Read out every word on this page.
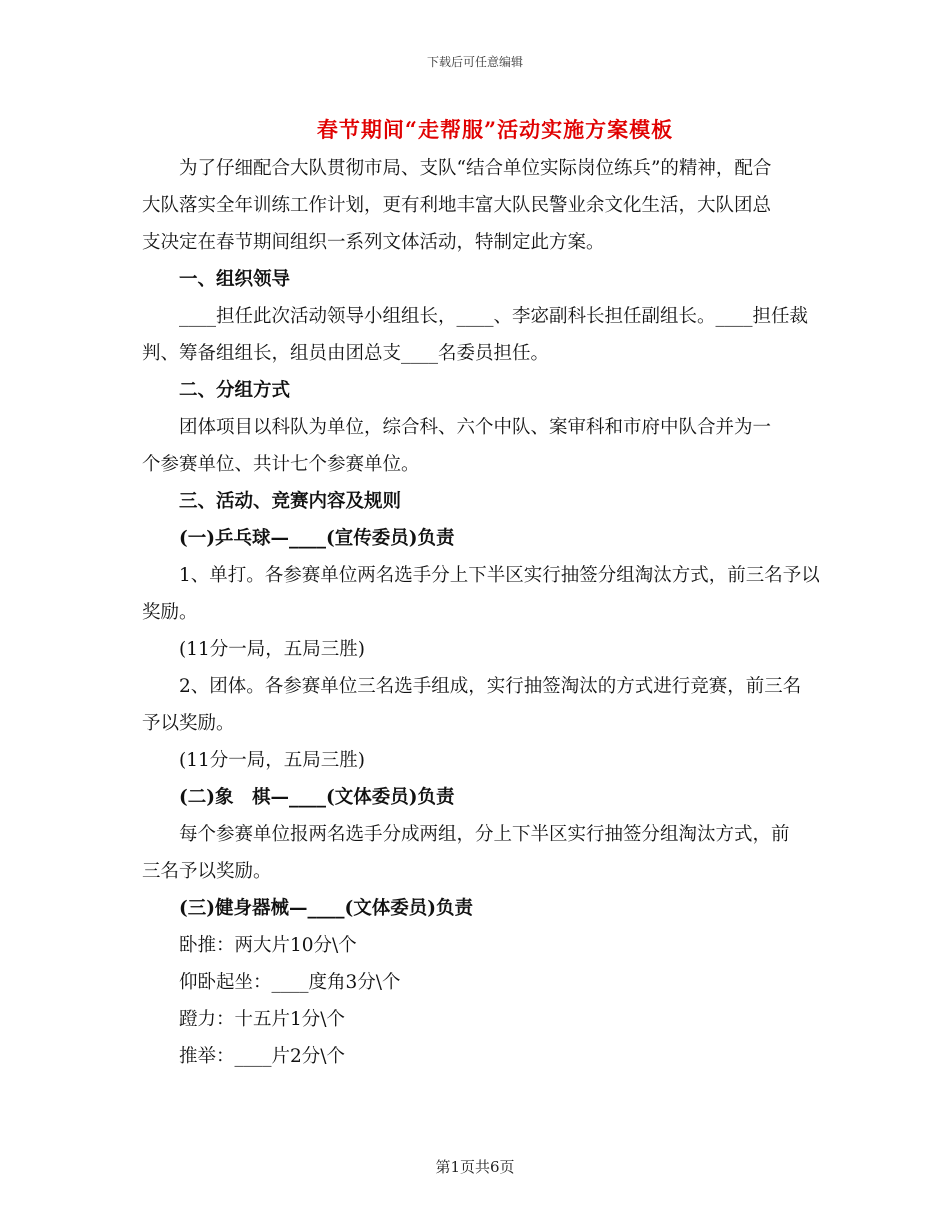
下载后可任意编辑
春节期间“走帮服”活动实施方案模板

为了仔细配合大队贯彻市局、支队“结合单位实际岗位练兵”的精神，配合大队落实全年训练工作计划，更有利地丰富大队民警业余文化生活，大队团总支决定在春节期间组织一系列文体活动，特制定此方案。

一、组织领导

____担任此次活动领导小组组长，____、李宓副科长担任副组长。____担任裁判、筹备组组长，组员由团总支____名委员担任。

二、分组方式

团体项目以科队为单位，综合科、六个中队、案审科和市府中队合并为一个参赛单位、共计七个参赛单位。

三、活动、竞赛内容及规则

(一)乒乓球—____(宣传委员)负责

1、单打。各参赛单位两名选手分上下半区实行抽签分组淘汰方式，前三名予以奖励。

(11分一局，五局三胜)

2、团体。各参赛单位三名选手组成，实行抽签淘汰的方式进行竞赛，前三名予以奖励。

(11分一局，五局三胜)

(二)象　棋—____(文体委员)负责

每个参赛单位报两名选手分成两组，分上下半区实行抽签分组淘汰方式，前三名予以奖励。

(三)健身器械—____(文体委员)负责

卧推：两大片10分\个

仰卧起坐：____度角3分\个

蹬力：十五片1分\个

推举：____片2分\个

第1页共6页
